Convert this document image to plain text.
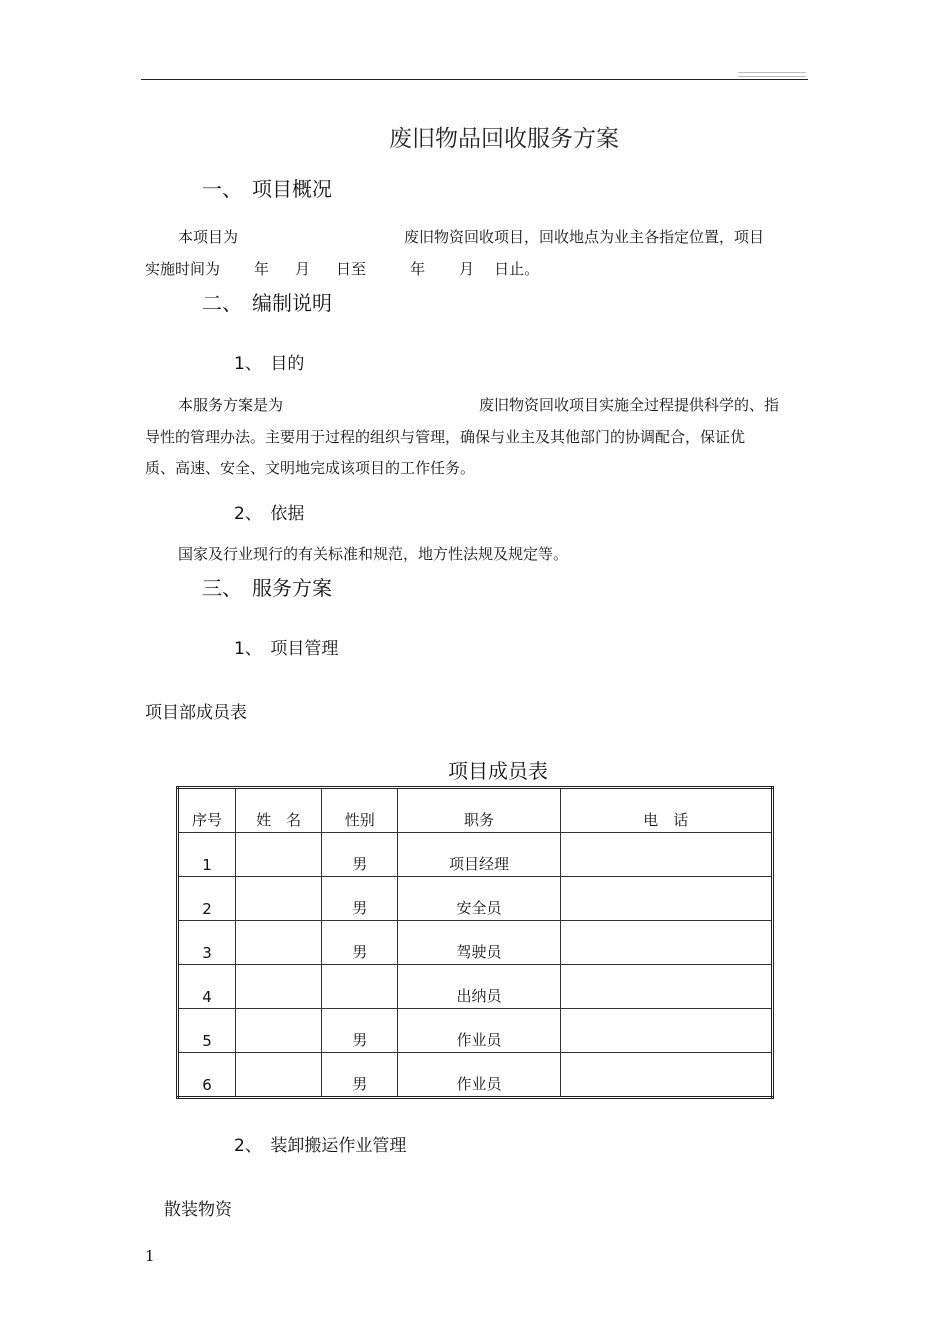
废旧物品回收服务方案
一、　项目概况
本项目为	废旧物资回收项目，回收地点为业主各指定位置，项目
实施时间为 年 月 日至	年 月 日止。
二、　编制说明
1、　目的
本服务方案是为	废旧物资回收项目实施全过程提供科学的、指
导性的管理办法。主要用于过程的组织与管理，确保与业主及其他部门的协调配合，保证优
质、高速、安全、文明地完成该项目的工作任务。
2、　依据
国家及行业现行的有关标准和规范，地方性法规及规定等。
三、　服务方案
1、　项目管理
项目部成员表
项目成员表
序号	姓　名	性别	职务	电　话
1		男	项目经理	
2		男	安全员	
3		男	驾驶员	
4			出纳员	
5		男	作业员	
6		男	作业员	
2、　装卸搬运作业管理
散装物资
1
